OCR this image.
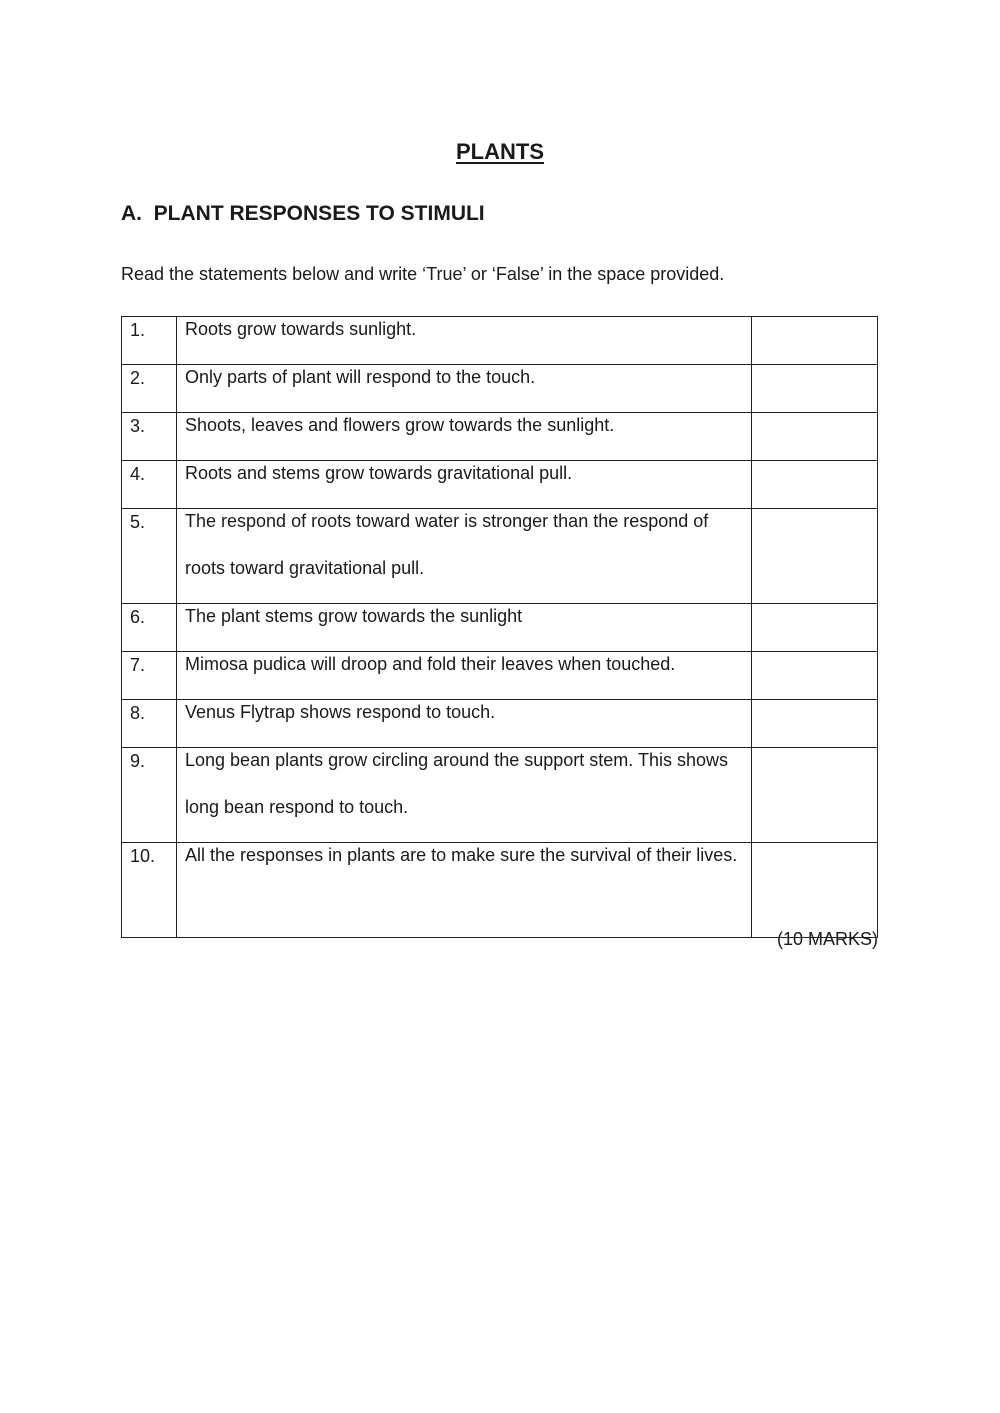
PLANTS
A.  PLANT RESPONSES TO STIMULI
Read the statements below and write ‘True’ or ‘False’ in the space provided.
1.	Roots grow towards sunlight.	

2.	Only parts of plant will respond to the touch.	

3.	Shoots, leaves and flowers grow towards the sunlight.	

4.	Roots and stems grow towards gravitational pull.	

5.	The respond of roots toward water is stronger than the respond of roots toward gravitational pull.	

6.	The plant stems grow towards the sunlight	

7.	Mimosa pudica will droop and fold their leaves when touched.	

8.	Venus Flytrap shows respond to touch.	

9.	Long bean plants grow circling around the support stem. This shows long bean respond to touch.	

10.	All the responses in plants are to make sure the survival of their lives.	

(10 MARKS)
